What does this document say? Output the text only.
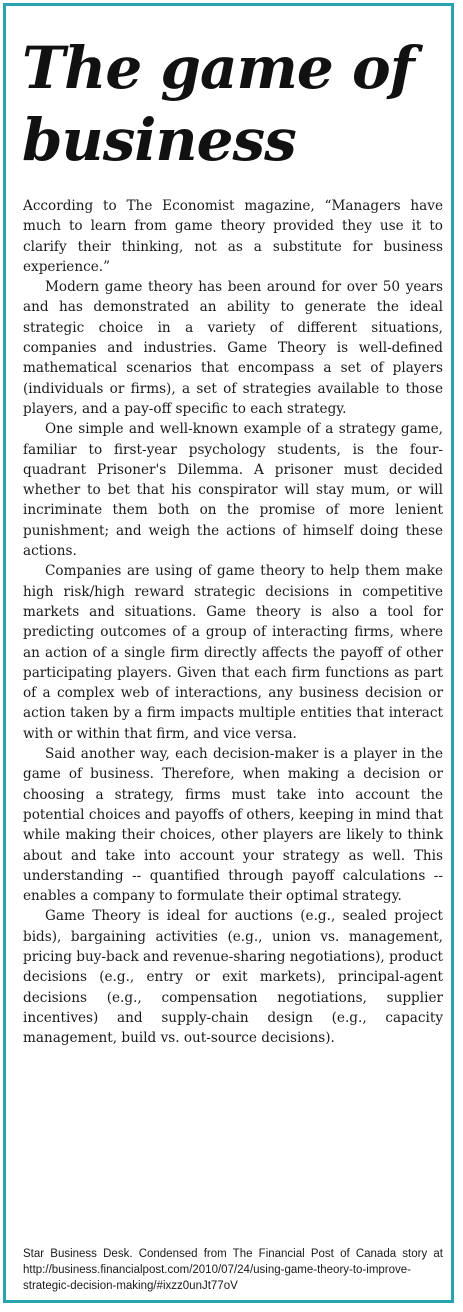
The game of business

According to The Economist magazine, “Managers have much to learn from game theory provided they use it to clarify their thinking, not as a substitute for business experience.”

Modern game theory has been around for over 50 years and has demonstrated an ability to generate the ideal strategic choice in a variety of different situations, companies and industries. Game Theory is well-defined mathematical scenarios that encompass a set of players (individuals or firms), a set of strategies available to those players, and a pay-off specific to each strategy.

One simple and well-known example of a strategy game, familiar to first-year psychology students, is the four-quadrant Prisoner's Dilemma. A prisoner must decided whether to bet that his conspirator will stay mum, or will incriminate them both on the promise of more lenient punishment; and weigh the actions of himself doing these actions.

Companies are using of game theory to help them make high risk/high reward strategic decisions in competitive markets and situations. Game theory is also a tool for predicting outcomes of a group of interacting firms, where an action of a single firm directly affects the payoff of other participating players. Given that each firm functions as part of a complex web of interactions, any business decision or action taken by a firm impacts multiple entities that interact with or within that firm, and vice versa.

Said another way, each decision-maker is a player in the game of business. Therefore, when making a decision or choosing a strategy, firms must take into account the potential choices and payoffs of others, keeping in mind that while making their choices, other players are likely to think about and take into account your strategy as well. This understanding -- quantified through payoff calculations -- enables a company to formulate their optimal strategy.

Game Theory is ideal for auctions (e.g., sealed project bids), bargaining activities (e.g., union vs. management, pricing buy-back and revenue-sharing negotiations), product decisions (e.g., entry or exit markets), principal-agent decisions (e.g., compensation negotiations, supplier incentives) and supply-chain design (e.g., capacity management, build vs. out-source decisions).

Star Business Desk. Condensed from The Financial Post of Canada story at http://business.financialpost.com/2010/07/24/using-game-theory-to-improve-strategic-decision-making/#ixzz0unJt77oV
